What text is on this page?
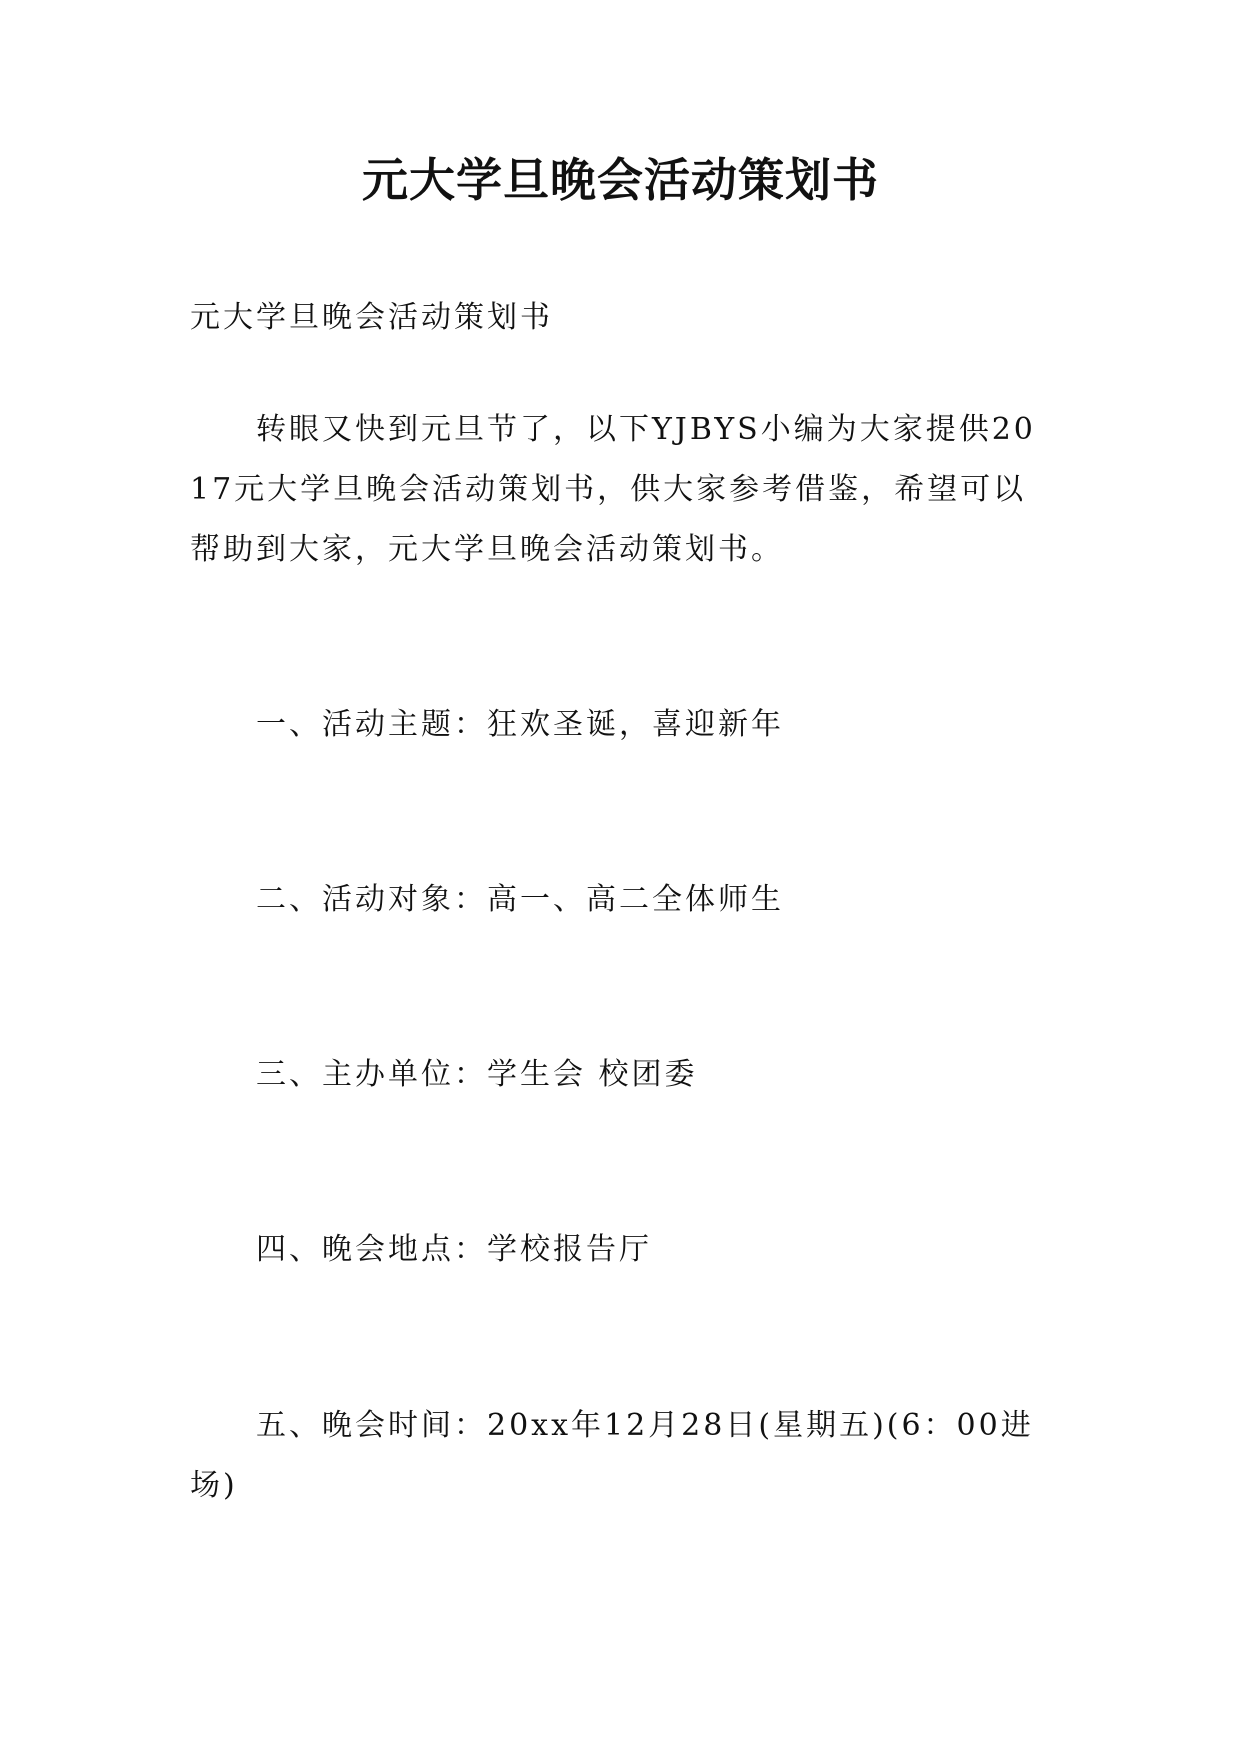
元大学旦晚会活动策划书
元大学旦晚会活动策划书
转眼又快到元旦节了，以下YJBYS小编为大家提供2017元大学旦晚会活动策划书，供大家参考借鉴，希望可以帮助到大家，元大学旦晚会活动策划书。
一、活动主题：狂欢圣诞，喜迎新年
二、活动对象：高一、高二全体师生
三、主办单位：学生会 校团委
四、晚会地点：学校报告厅
五、晚会时间：20xx年12月28日(星期五)(6：00进场)
